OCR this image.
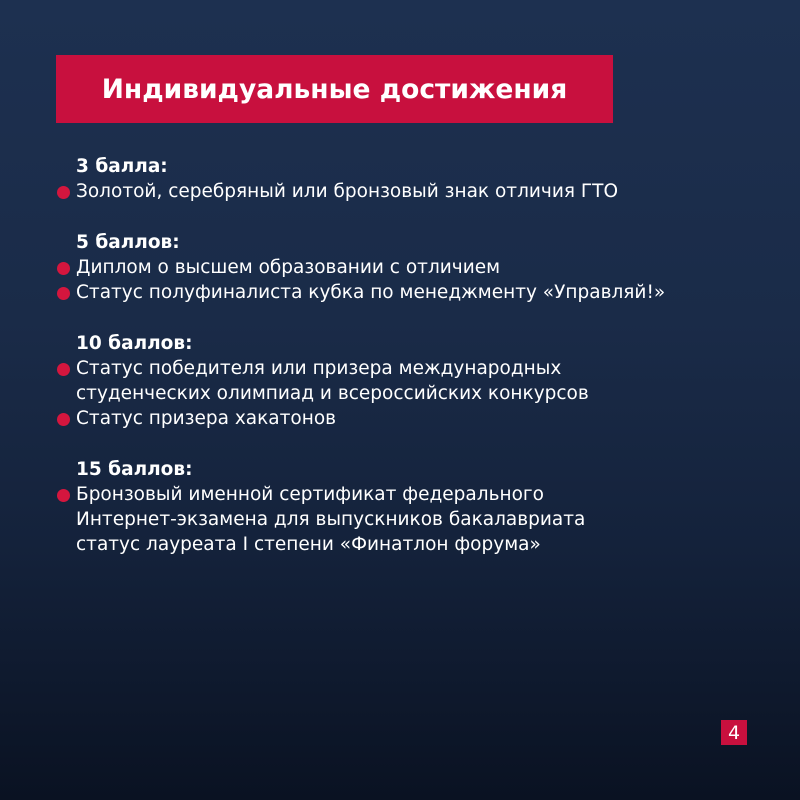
Индивидуальные достижения
3 балла:
Золотой, серебряный или бронзовый знак отличия ГТО
5 баллов:
Диплом о высшем образовании с отличием
Статус полуфиналиста кубка по менеджменту «Управляй!»
10 баллов:
Статус победителя или призера международных
студенческих олимпиад и всероссийских конкурсов
Статус призера хакатонов
15 баллов:
Бронзовый именной сертификат федерального
Интернет-экзамена для выпускников бакалавриата
статус лауреата I степени «Финатлон форума»
4
